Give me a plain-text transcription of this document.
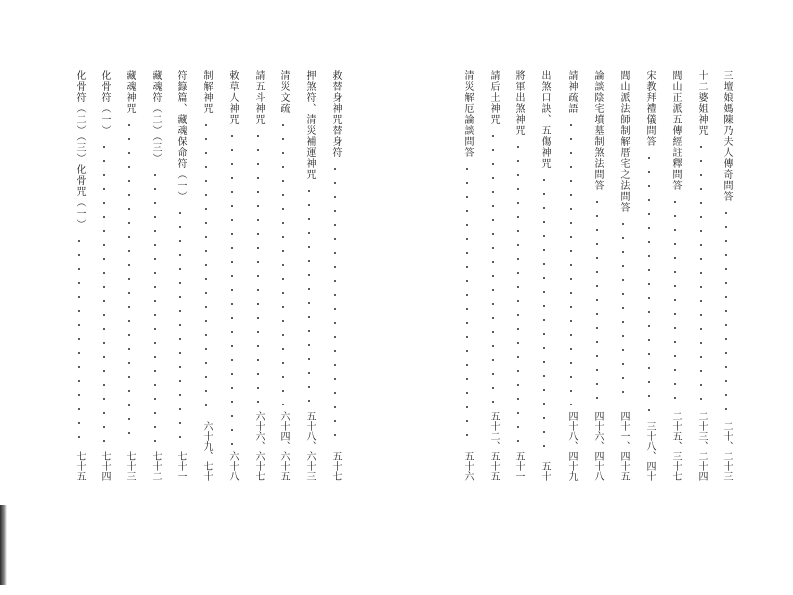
三壇娘媽陳乃夫人傳奇問答
二十、二十三
十二婆姐神咒
二十三、二十四
閭山正派五傳經註釋問答
二十五、三十七
宋教拜禮儀問答
三十八、四十
閭山派法師制解厝宅之法問答
四十一、四十五
論談陰宅墳墓制煞法問答
四十六、四十八
請神疏語
四十八、四十九
出煞口訣、五傷神咒
五十
將軍出煞神咒
五十一
請后土神咒
五十二、五十五
清災解厄論談問答
五十六
救替身神咒替身符
五十七
押煞符、清災補運神咒
五十八、六十三
清災文疏
六十四、六十五
請五斗神咒
六十六、六十七
敕草人神咒
六十八
制解神咒
六十九、七十
符籙篇、藏魂保命符（一）
七十一
藏魂符（二）（三）
七十二
藏魂神咒
七十三
化骨符（一）
七十四
化骨符（二）（三）化骨咒（一）
七十五
